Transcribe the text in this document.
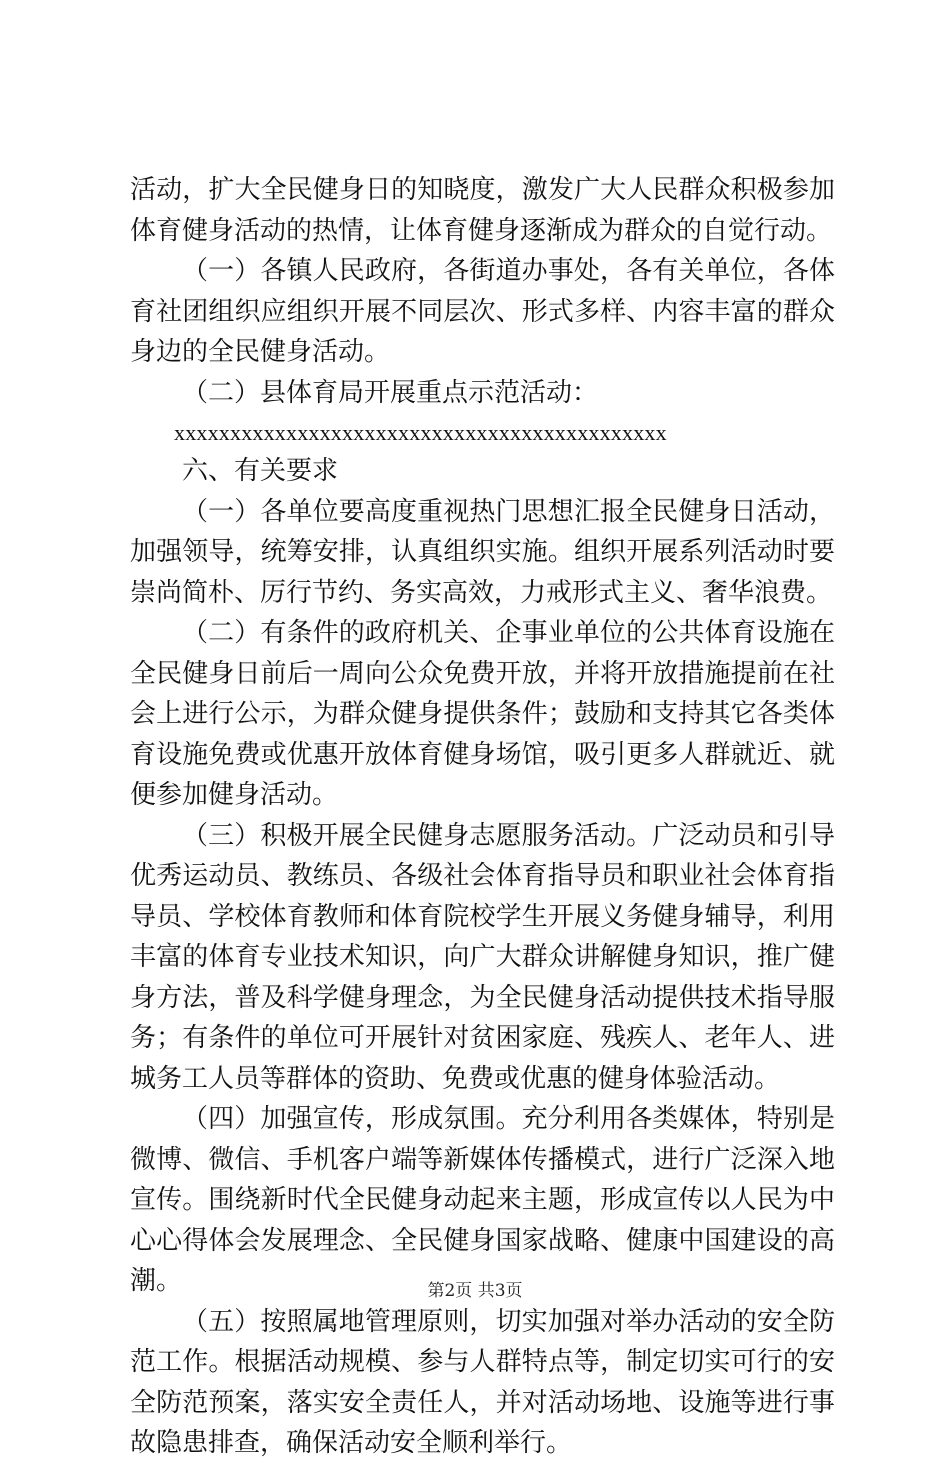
活动，扩大全民健身日的知晓度，激发广大人民群众积极参加体育健身活动的热情，让体育健身逐渐成为群众的自觉行动。

（一）各镇人民政府，各街道办事处，各有关单位，各体育社团组织应组织开展不同层次、形式多样、内容丰富的群众身边的全民健身活动。

（二）县体育局开展重点示范活动：

xxxxxxxxxxxxxxxxxxxxxxxxxxxxxxxxxxxxxxxxxxxx

六、有关要求

（一）各单位要高度重视热门思想汇报全民健身日活动，加强领导，统筹安排，认真组织实施。组织开展系列活动时要崇尚简朴、厉行节约、务实高效，力戒形式主义、奢华浪费。

（二）有条件的政府机关、企事业单位的公共体育设施在全民健身日前后一周向公众免费开放，并将开放措施提前在社会上进行公示，为群众健身提供条件；鼓励和支持其它各类体育设施免费或优惠开放体育健身场馆，吸引更多人群就近、就便参加健身活动。

（三）积极开展全民健身志愿服务活动。广泛动员和引导优秀运动员、教练员、各级社会体育指导员和职业社会体育指导员、学校体育教师和体育院校学生开展义务健身辅导，利用丰富的体育专业技术知识，向广大群众讲解健身知识，推广健身方法，普及科学健身理念，为全民健身活动提供技术指导服务；有条件的单位可开展针对贫困家庭、残疾人、老年人、进城务工人员等群体的资助、免费或优惠的健身体验活动。

（四）加强宣传，形成氛围。充分利用各类媒体，特别是微博、微信、手机客户端等新媒体传播模式，进行广泛深入地宣传。围绕新时代全民健身动起来主题，形成宣传以人民为中心心得体会发展理念、全民健身国家战略、健康中国建设的高潮。

（五）按照属地管理原则，切实加强对举办活动的安全防范工作。根据活动规模、参与人群特点等，制定切实可行的安全防范预案，落实安全责任人，并对活动场地、设施等进行事故隐患排查，确保活动安全顺利举行。

第2页 共3页
